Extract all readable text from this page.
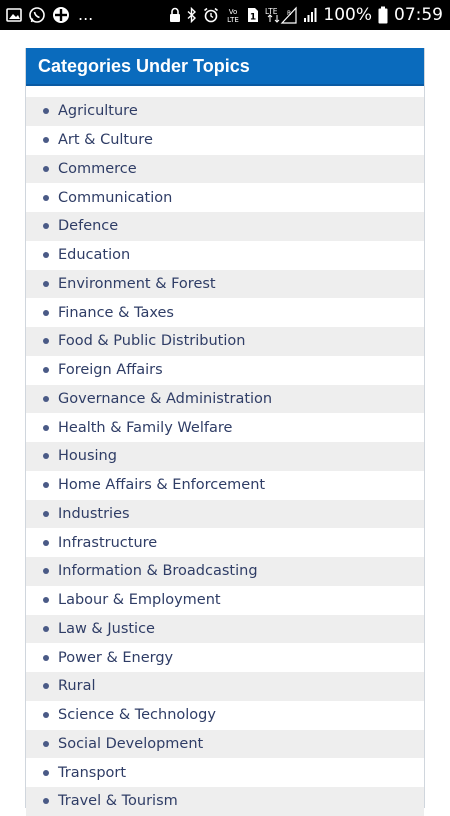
...	Vo
LTE 1
LTE R 100% 07:59
Categories Under Topics
Agriculture
Art & Culture
Commerce
Communication
Defence
Education
Environment & Forest
Finance & Taxes
Food & Public Distribution
Foreign Affairs
Governance & Administration
Health & Family Welfare
Housing
Home Affairs & Enforcement
Industries
Infrastructure
Information & Broadcasting
Labour & Employment
Law & Justice
Power & Energy
Rural
Science & Technology
Social Development
Transport
Travel & Tourism
